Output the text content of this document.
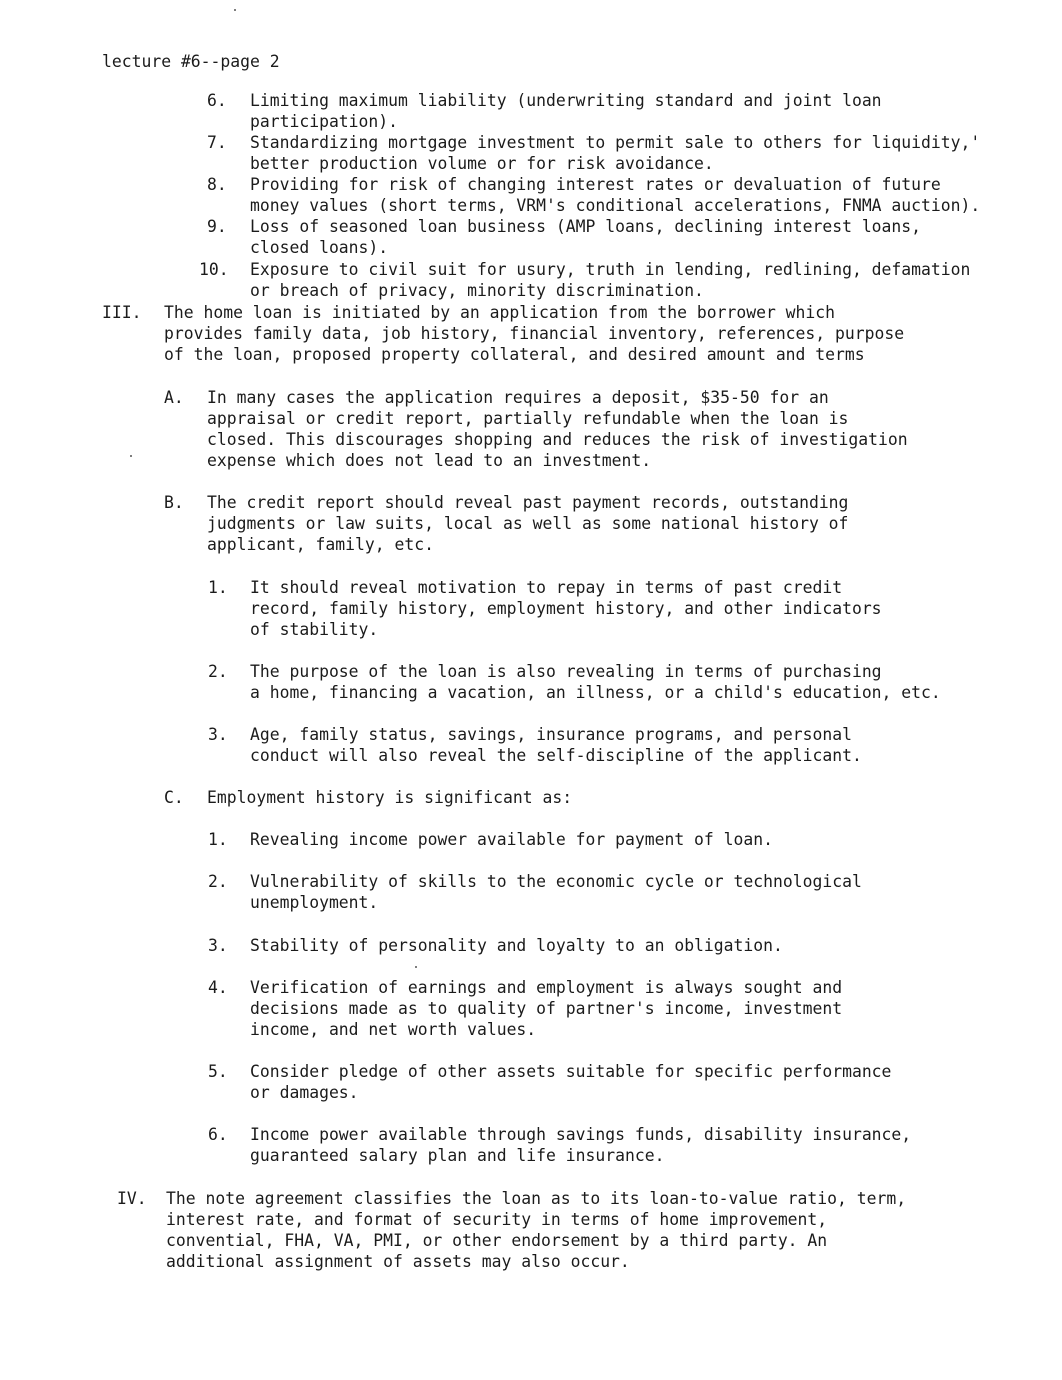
lecture #6--page 2
6. Limiting maximum liability (underwriting standard and joint loan
participation).
7. Standardizing mortgage investment to permit sale to others for liquidity,'
better production volume or for risk avoidance.
8. Providing for risk of changing interest rates or devaluation of future
money values (short terms, VRM's conditional accelerations, FNMA auction).
9. Loss of seasoned loan business (AMP loans, declining interest loans,
closed loans).
10. Exposure to civil suit for usury, truth in lending, redlining, defamation
or breach of privacy, minority discrimination.
III. The home loan is initiated by an application from the borrower which
provides family data, job history, financial inventory, references, purpose
of the loan, proposed property collateral, and desired amount and terms
A. In many cases the application requires a deposit, $35-50 for an
appraisal or credit report, partially refundable when the loan is
closed. This discourages shopping and reduces the risk of investigation
expense which does not lead to an investment.
B. The credit report should reveal past payment records, outstanding
judgments or law suits, local as well as some national history of
applicant, family, etc.
1. It should reveal motivation to repay in terms of past credit
record, family history, employment history, and other indicators
of stability.
2. The purpose of the loan is also revealing in terms of purchasing
a home, financing a vacation, an illness, or a child's education, etc.
3. Age, family status, savings, insurance programs, and personal
conduct will also reveal the self-discipline of the applicant.
C. Employment history is significant as:
1. Revealing income power available for payment of loan.
2. Vulnerability of skills to the economic cycle or technological
unemployment.
3. Stability of personality and loyalty to an obligation.
4. Verification of earnings and employment is always sought and
decisions made as to quality of partner's income, investment
income, and net worth values.
5. Consider pledge of other assets suitable for specific performance
or damages.
6. Income power available through savings funds, disability insurance,
guaranteed salary plan and life insurance.
IV. The note agreement classifies the loan as to its loan-to-value ratio, term,
interest rate, and format of security in terms of home improvement,
convential, FHA, VA, PMI, or other endorsement by a third party. An
additional assignment of assets may also occur.
